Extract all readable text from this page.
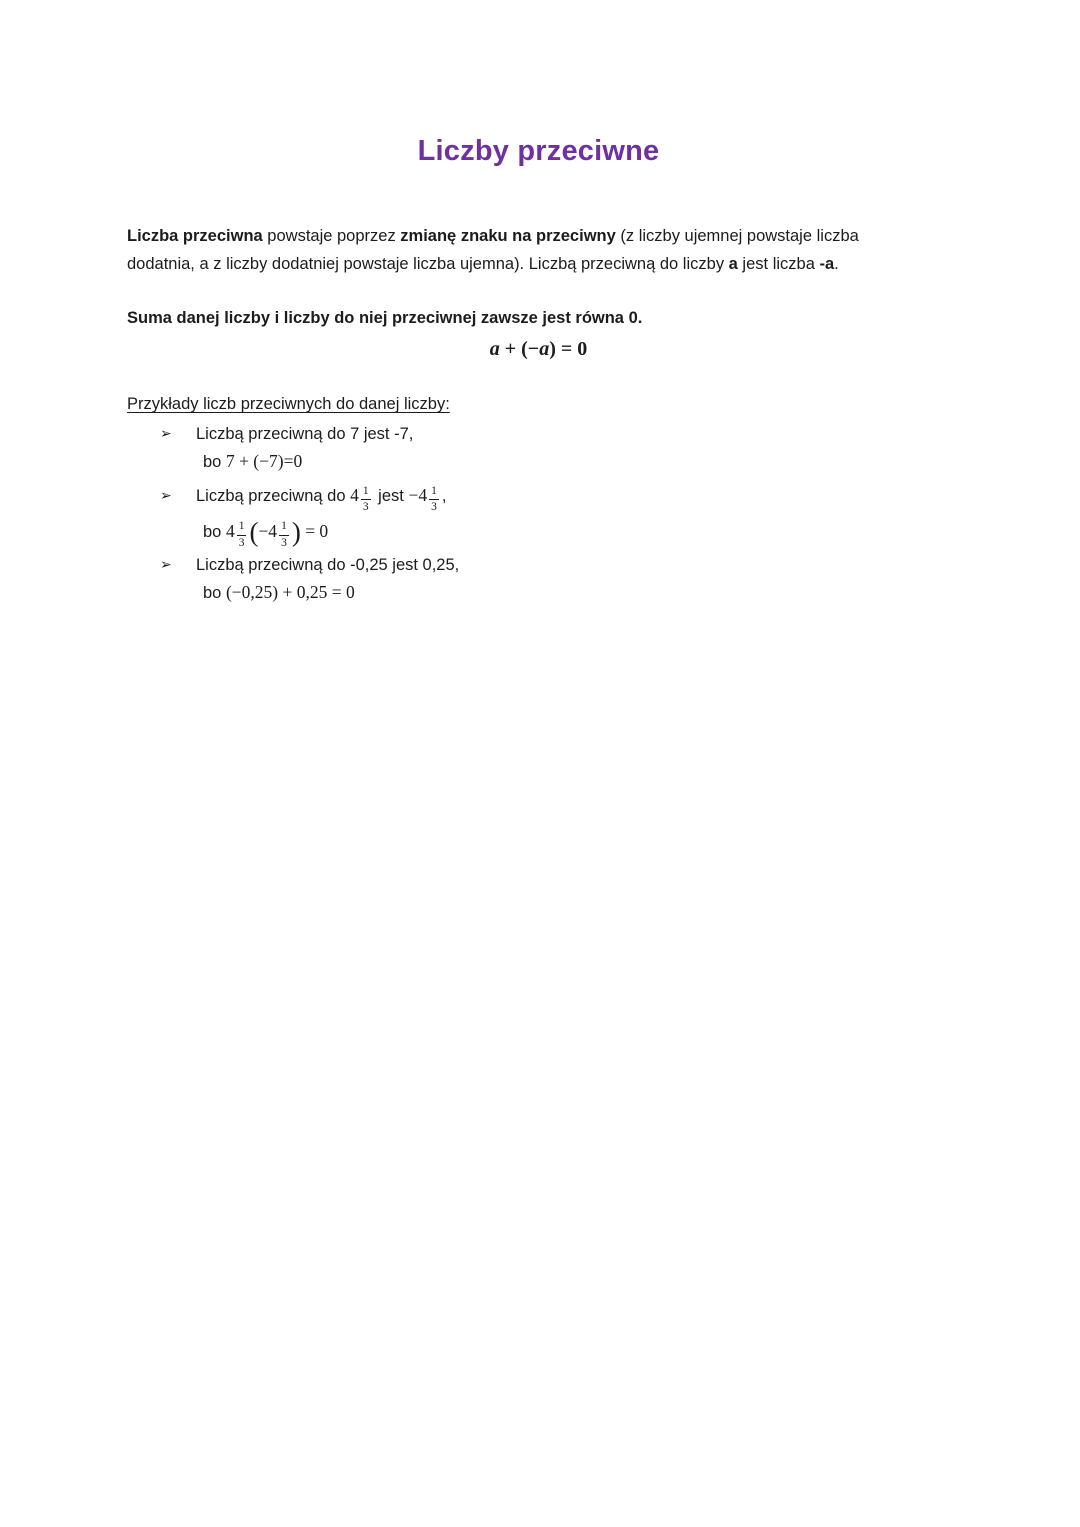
Liczby przeciwne

Liczba przeciwna powstaje poprzez zmianę znaku na przeciwny (z liczby ujemnej powstaje liczba
dodatnia, a z liczby dodatniej powstaje liczba ujemna). Liczbą przeciwną do liczby a jest liczba -a.

Suma danej liczby i liczby do niej przeciwnej zawsze jest równa 0.

a + (−a) = 0

Przykłady liczb przeciwnych do danej liczby:

➢ Liczbą przeciwną do 7 jest -7,
bo 7 + (−7)=0
➢ Liczbą przeciwną do $4 \frac{1}{3}$ jest $-4 \frac{1}{3}$ ,
bo $4 \frac{1}{3} (-4 \frac{1}{3}$ ) = 0
➢ Liczbą przeciwną do -0,25 jest 0,25,
bo (−0,25) + 0,25 = 0
